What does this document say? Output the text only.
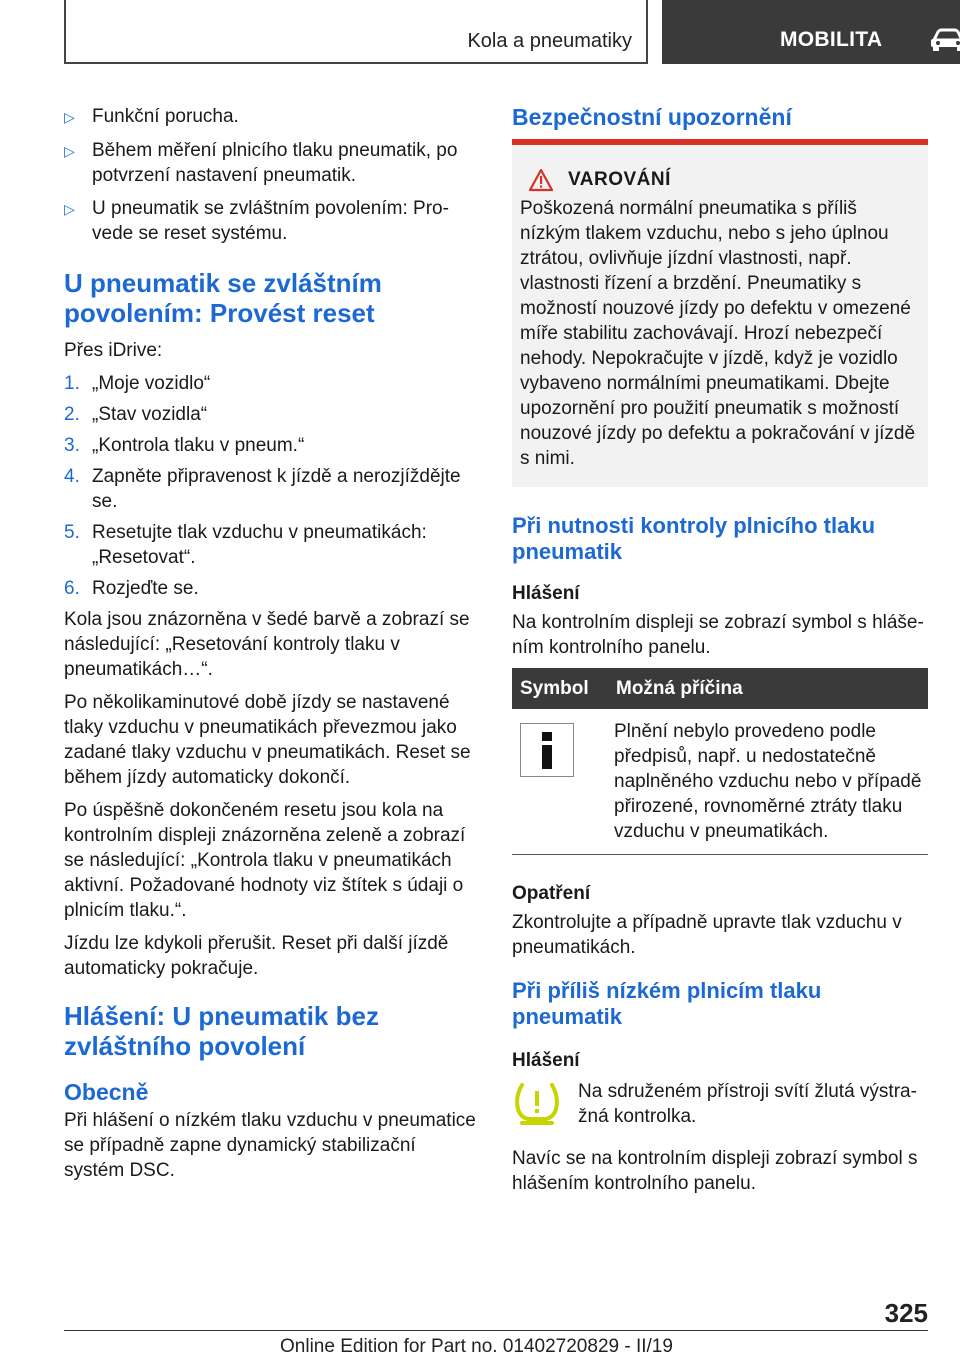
Kola a pneumatiky	MOBILITA
▷ Funkční porucha.
▷ Během měření plnicího tlaku pneumatik, po potvrzení nastavení pneumatik.
▷ U pneumatik se zvláštním povolením: Provede se reset systému.
U pneumatik se zvláštním povolením: Provést reset

Přes iDrive:

1. „Moje vozidlo“
2. „Stav vozidla“
3. „Kontrola tlaku v pneum.“
4. Zapněte připravenost k jízdě a nerozjíždějte se.
5. Resetujte tlak vzduchu v pneumatikách: „Resetovat“.
6. Rozjeďte se.

Kola jsou znázorněna v šedé barvě a zobrazí se následující: „Resetování kontroly tlaku v pneumatikách…“.

Po několikaminutové době jízdy se nastavené tlaky vzduchu v pneumatikách převezmou jako zadané tlaky vzduchu v pneumatikách. Reset se během jízdy automaticky dokončí.

Po úspěšně dokončeném resetu jsou kola na kontrolním displeji znázorněna zeleně a zobrazí se následující: „Kontrola tlaku v pneumatikách aktivní. Požadované hodnoty viz štítek s údaji o plnicím tlaku.“.

Jízdu lze kdykoli přerušit. Reset při další jízdě automaticky pokračuje.

Hlášení: U pneumatik bez zvláštního povolení
Obecně

Při hlášení o nízkém tlaku vzduchu v pneumatice se případně zapne dynamický stabilizační systém DSC.

Bezpečnostní upozornění
VAROVÁNÍ

Poškozená normální pneumatika s příliš nízkým tlakem vzduchu, nebo s jeho úplnou ztrátou, ovlivňuje jízdní vlastnosti, např. vlastnosti řízení a brzdění. Pneumatiky s možností nouzové jízdy po defektu v omezené míře stabilitu zachovávají. Hrozí nebezpečí nehody. Nepokračujte v jízdě, když je vozidlo vybaveno normálními pneumatikami. Dbejte upozornění pro použití pneumatik s možností nouzové jízdy po defektu a pokračování v jízdě s nimi.

Při nutnosti kontroly plnicího tlaku pneumatik

Hlášení

Na kontrolním displeji se zobrazí symbol s hlášením kontrolního panelu.

Symbol	Možná příčina

	Plnění nebylo provedeno podle předpisů, např. u nedostatečně naplněného vzduchu nebo v případě přirozené, rovnoměrné ztráty tlaku vzduchu v pneumatikách.

Opatření

Zkontrolujte a případně upravte tlak vzduchu v pneumatikách.

Při příliš nízkém plnicím tlaku pneumatik

Hlášení

Na sdruženém přístroji svítí žlutá výstražná kontrolka.

Navíc se na kontrolním displeji zobrazí symbol s hlášením kontrolního panelu.

325
Online Edition for Part no. 01402720829 - II/19
